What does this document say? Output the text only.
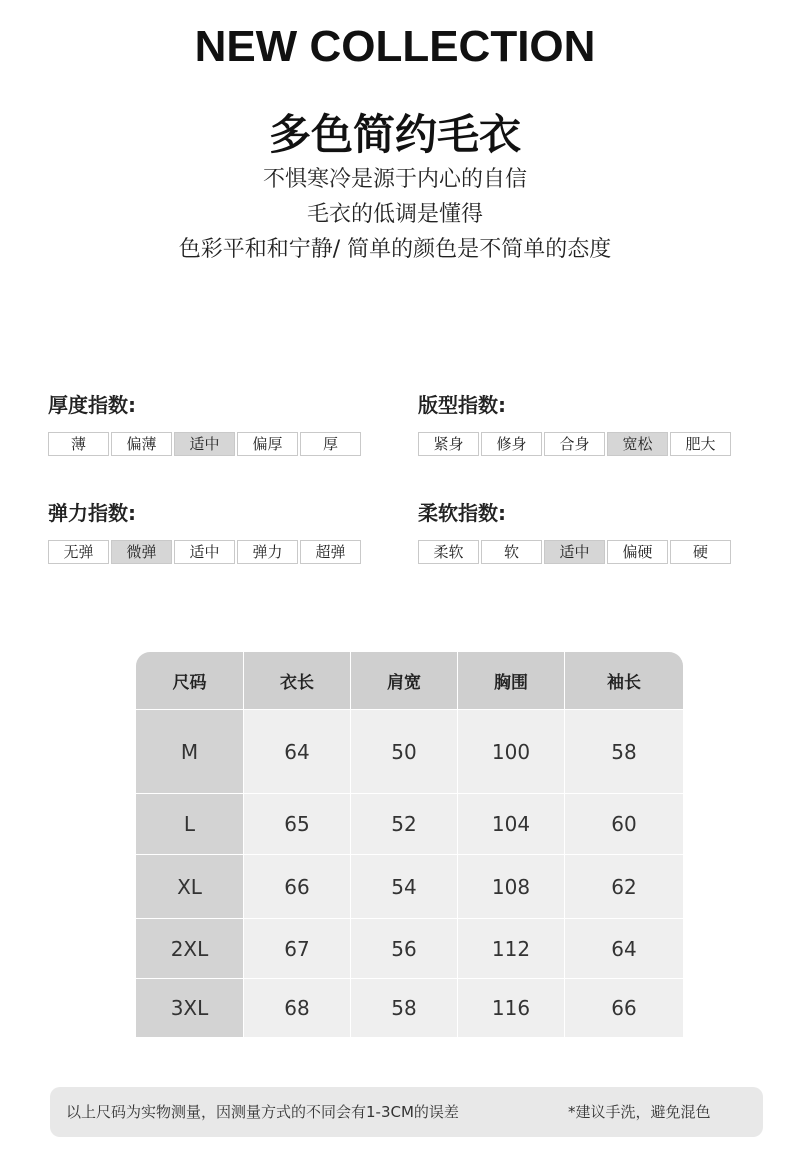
NEW COLLECTION
多色简约毛衣
不惧寒冷是源于内心的自信
毛衣的低调是懂得
色彩平和和宁静/ 简单的颜色是不简单的态度
厚度指数:
薄	偏薄	适中	偏厚	厚
版型指数:
紧身	修身	合身	宽松	肥大
弹力指数:
无弹	微弹	适中	弹力	超弹
柔软指数:
柔软	软	适中	偏硬	硬
尺码	衣长	肩宽	胸围	袖长
M	64	50	100	58
L	65	52	104	60
XL	66	54	108	62
2XL	67	56	112	64
3XL	68	58	116	66
以上尺码为实物测量，因测量方式的不同会有1-3CM的误差	*建议手洗，避免混色
